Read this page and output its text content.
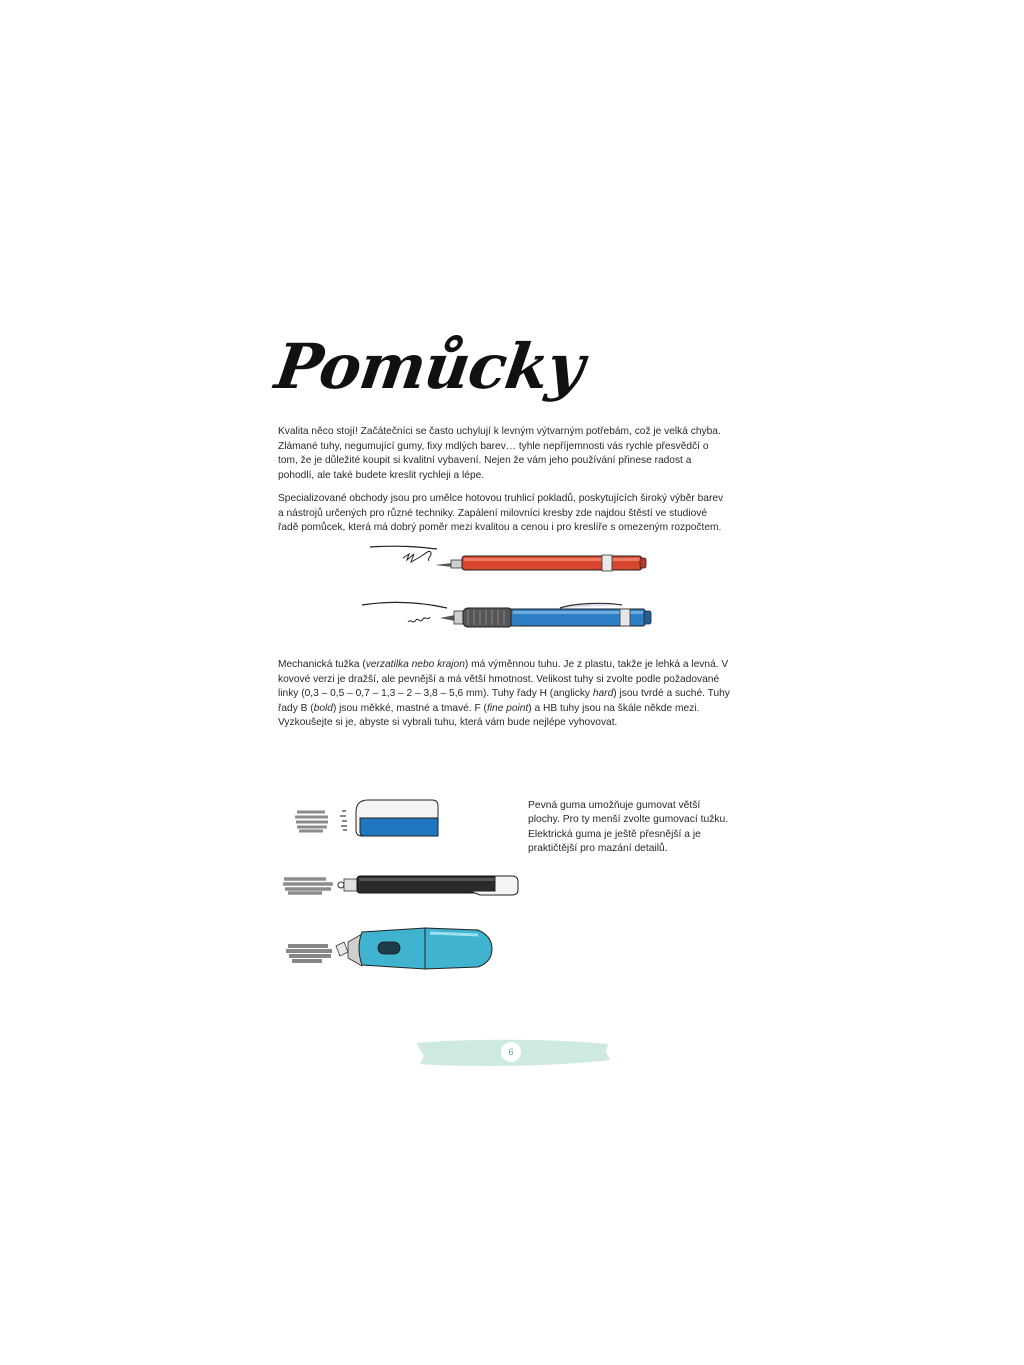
Pomůcky

Kvalita něco stojí! Začátečníci se často uchylují k levným výtvarným potřebám, což je velká chyba. Zlámané tuhy, negumující gumy, fixy mdlých barev… tyhle nepříjemnosti vás rychle přesvědčí o tom, že je důležité koupit si kvalitní vybavení. Nejen že vám jeho používání přinese radost a pohodlí, ale také budete kreslit rychleji a lépe.

Specializované obchody jsou pro umělce hotovou truhlicí pokladů, poskytujících široký výběr barev a nástrojů určených pro různé techniky. Zapálení milovníci kresby zde najdou štěstí ve studiové řadě pomůcek, která má dobrý poměr mezi kvalitou a cenou i pro kreslíře s omezeným rozpočtem.

Mechanická tužka (verzatilka nebo krajon) má výměnnou tuhu. Je z plastu, takže je lehká a levná. V kovové verzi je dražší, ale pevnější a má větší hmotnost. Velikost tuhy si zvolte podle požadované linky (0,3 – 0,5 – 0,7 – 1,3 – 2 – 3,8 – 5,6 mm). Tuhy řady H (anglicky hard) jsou tvrdé a suché. Tuhy řady B (bold) jsou měkké, mastné a tmavé. F (fine point) a HB tuhy jsou na škále někde mezi. Vyzkoušejte si je, abyste si vybrali tuhu, která vám bude nejlépe vyhovovat.

Pevná guma umožňuje gumovat větší plochy. Pro ty menší zvolte gumovací tužku. Elektrická guma je ještě přesnější a je praktičtější pro mazání detailů.

6
